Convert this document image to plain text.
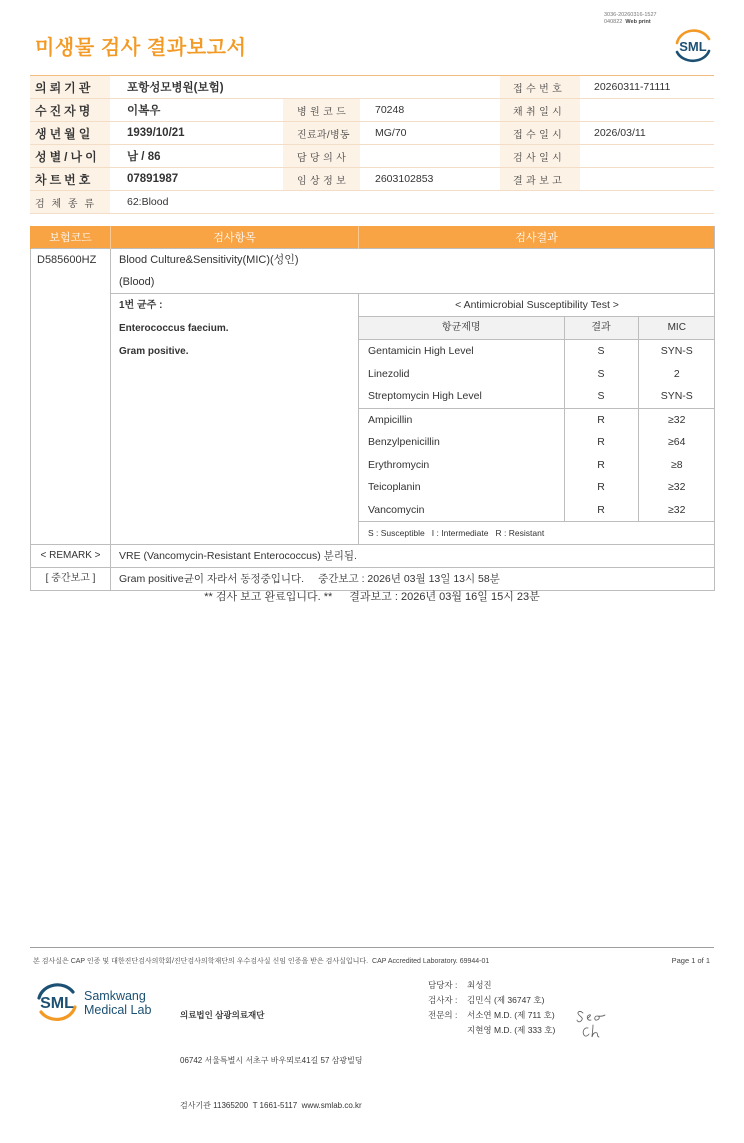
3036-20260316-1527
040822 Web print
미생물 검사 결과보고서	SML
의뢰기관	포항성모병원(보험)			접 수 번 호	20260311-71111
수진자명	이복우	병 원 코 드	70248	채 취 일 시	
생년월일	1939/10/21	진료과/병동	MG/70	접 수 일 시	2026/03/11
성별/나이	남 / 86	담 당 의 사		검 사 일 시	
차트번호	07891987	임 상 정 보	2603102853	결 과 보 고	
검 체 종 류	62:Blood				
보험코드	검사항목	검사결과
D585600HZ	Blood Culture&Sensitivity(MIC)(성인)
(Blood)

1번 균주 :
Enterococcus faecium.
Gram positive.

< Antimicrobial Susceptibility Test >
항균제명	결과	MIC
Gentamicin High Level	S	SYN-S
Linezolid	S	2
Streptomycin High Level	S	SYN-S
Ampicillin	R	≥32
Benzylpenicillin	R	≥64
Erythromycin	R	≥8
Teicoplanin	R	≥32
Vancomycin	R	≥32
S : Susceptible   I : Intermediate   R : Resistant

< REMARK >	VRE (Vancomycin-Resistant Enterococcus) 분리됨.
[ 중간보고 ]	Gram positive균이 자라서 동정중입니다. 중간보고 : 2026년 03월 13일 13시 58분
** 검사 보고 완료입니다. ** 결과보고 : 2026년 03월 16일 15시 23분
본 검사실은 CAP 인증 및 대한진단검사의학회/진단검사의학재단의 우수검사실 신임 인증을 받은 검사실입니다.  CAP Accredited Laboratory. 69944-01	Page 1 of 1
SML Samkwang
Medical Lab

	의료법인 삼광의료재단

06742 서울특별시 서초구 바우뫼로41길 57 삼광빌딩

검사기관 11365200  T 1661-5117  www.smlab.co.kr

담당자 : 최성진
검사자 : 김민식 (제 36747 호)
전문의 : 서소연 M.D. (제 711 호)
지현영 M.D. (제 333 호)
